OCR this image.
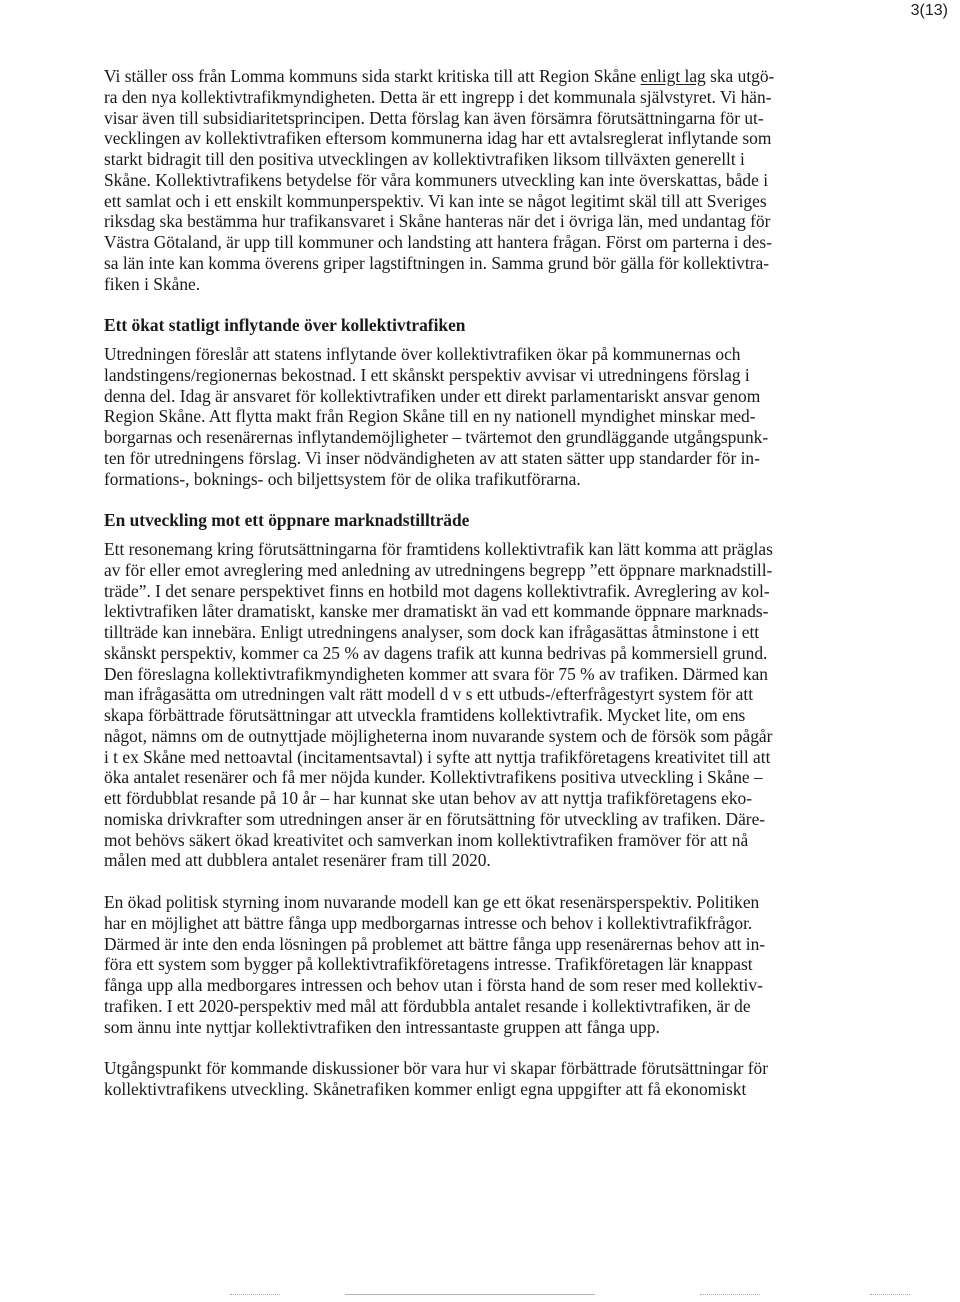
3(13)

Vi ställer oss från Lomma kommuns sida starkt kritiska till att Region Skåne enligt lag ska utgö-
ra den nya kollektivtrafikmyndigheten. Detta är ett ingrepp i det kommunala självstyret. Vi hän-
visar även till subsidiaritetsprincipen. Detta förslag kan även försämra förutsättningarna för ut-
vecklingen av kollektivtrafiken eftersom kommunerna idag har ett avtalsreglerat inflytande som
starkt bidragit till den positiva utvecklingen av kollektivtrafiken liksom tillväxten generellt i
Skåne. Kollektivtrafikens betydelse för våra kommuners utveckling kan inte överskattas, både i
ett samlat och i ett enskilt kommunperspektiv. Vi kan inte se något legitimt skäl till att Sveriges
riksdag ska bestämma hur trafikansvaret i Skåne hanteras när det i övriga län, med undantag för
Västra Götaland, är upp till kommuner och landsting att hantera frågan. Först om parterna i des-
sa län inte kan komma överens griper lagstiftningen in. Samma grund bör gälla för kollektivtra-
fiken i Skåne.

Ett ökat statligt inflytande över kollektivtrafiken

Utredningen föreslår att statens inflytande över kollektivtrafiken ökar på kommunernas och
landstingens/regionernas bekostnad. I ett skånskt perspektiv avvisar vi utredningens förslag i
denna del. Idag är ansvaret för kollektivtrafiken under ett direkt parlamentariskt ansvar genom
Region Skåne. Att flytta makt från Region Skåne till en ny nationell myndighet minskar med-
borgarnas och resenärernas inflytandemöjligheter – tvärtemot den grundläggande utgångspunk-
ten för utredningens förslag. Vi inser nödvändigheten av att staten sätter upp standarder för in-
formations-, boknings- och biljettsystem för de olika trafikutförarna.

En utveckling mot ett öppnare marknadstillträde

Ett resonemang kring förutsättningarna för framtidens kollektivtrafik kan lätt komma att präglas
av för eller emot avreglering med anledning av utredningens begrepp ”ett öppnare marknadstill-
träde”. I det senare perspektivet finns en hotbild mot dagens kollektivtrafik. Avreglering av kol-
lektivtrafiken låter dramatiskt, kanske mer dramatiskt än vad ett kommande öppnare marknads-
tillträde kan innebära. Enligt utredningens analyser, som dock kan ifrågasättas åtminstone i ett
skånskt perspektiv, kommer ca 25 % av dagens trafik att kunna bedrivas på kommersiell grund.
Den föreslagna kollektivtrafikmyndigheten kommer att svara för 75 % av trafiken. Därmed kan
man ifrågasätta om utredningen valt rätt modell d v s ett utbuds-/efterfrågestyrt system för att
skapa förbättrade förutsättningar att utveckla framtidens kollektivtrafik. Mycket lite, om ens
något, nämns om de outnyttjade möjligheterna inom nuvarande system och de försök som pågår
i t ex Skåne med nettoavtal (incitamentsavtal) i syfte att nyttja trafikföretagens kreativitet till att
öka antalet resenärer och få mer nöjda kunder. Kollektivtrafikens positiva utveckling i Skåne –
ett fördubblat resande på 10 år – har kunnat ske utan behov av att nyttja trafikföretagens eko-
nomiska drivkrafter som utredningen anser är en förutsättning för utveckling av trafiken. Däre-
mot behövs säkert ökad kreativitet och samverkan inom kollektivtrafiken framöver för att nå
målen med att dubblera antalet resenärer fram till 2020.

En ökad politisk styrning inom nuvarande modell kan ge ett ökat resenärsperspektiv. Politiken
har en möjlighet att bättre fånga upp medborgarnas intresse och behov i kollektivtrafikfrågor.
Därmed är inte den enda lösningen på problemet att bättre fånga upp resenärernas behov att in-
föra ett system som bygger på kollektivtrafikföretagens intresse. Trafikföretagen lär knappast
fånga upp alla medborgares intressen och behov utan i första hand de som reser med kollektiv-
trafiken. I ett 2020-perspektiv med mål att fördubbla antalet resande i kollektivtrafiken, är de
som ännu inte nyttjar kollektivtrafiken den intressantaste gruppen att fånga upp.

Utgångspunkt för kommande diskussioner bör vara hur vi skapar förbättrade förutsättningar för
kollektivtrafikens utveckling. Skånetrafiken kommer enligt egna uppgifter att få ekonomiskt
